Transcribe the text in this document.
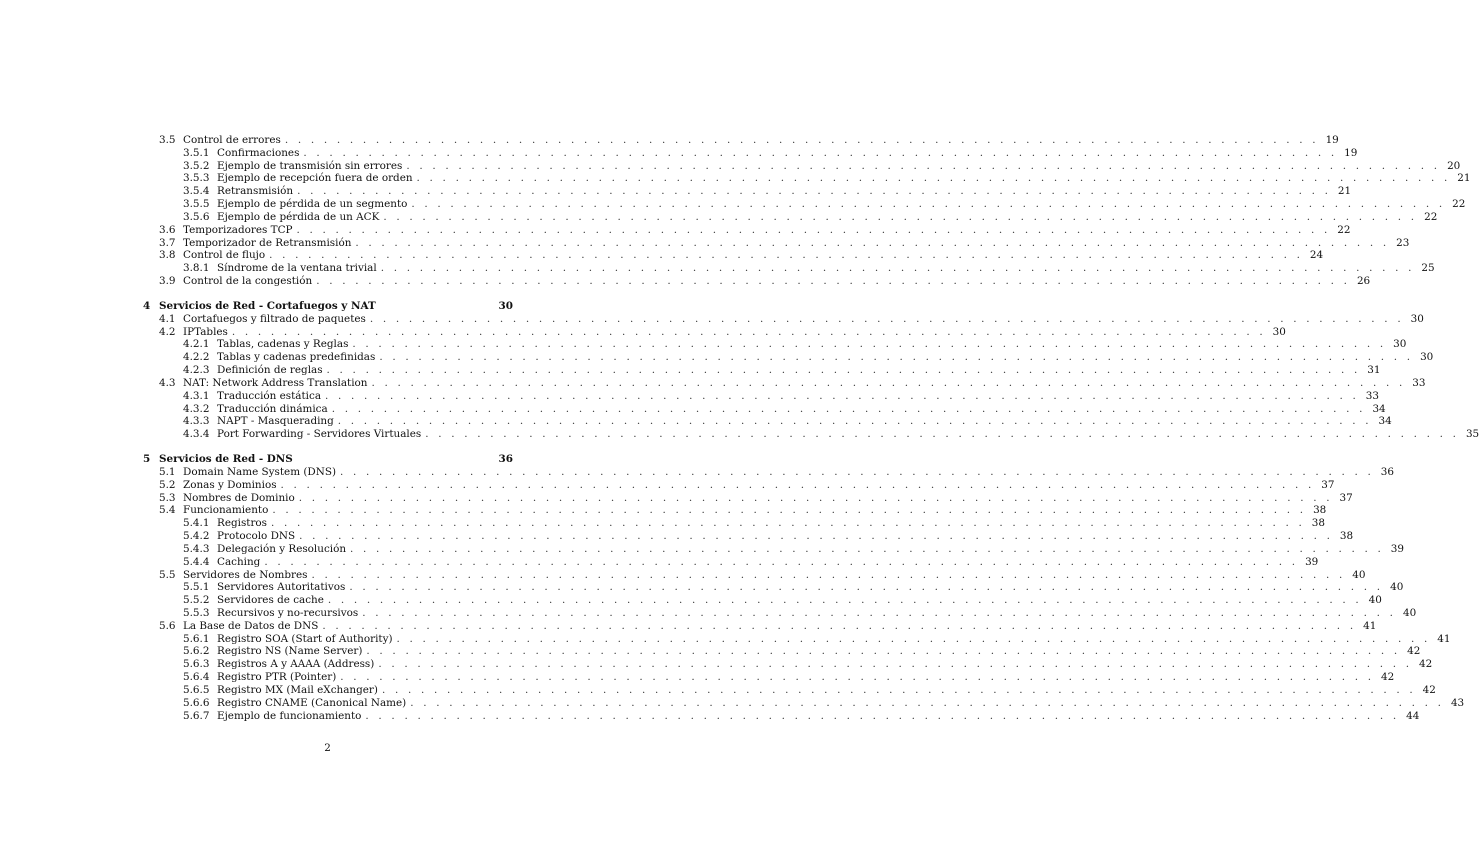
3.5 Control de errores . . . . . . . . . . . . . . . . . . . . . . . . . . . . . . . . . . . . . . . . . . . . . . . . . . . . . . . . . . . . . . . . . . . . . . . . . . . . . . . . 19
3.5.1 Confirmaciones . . . . . . . . . . . . . . . . . . . . . . . . . . . . . . . . . . . . . . . . . . . . . . . . . . . . . . . . . . . . . . . . . . . . . . . . . . . . . . . . 19
3.5.2 Ejemplo de transmisión sin errores . . . . . . . . . . . . . . . . . . . . . . . . . . . . . . . . . . . . . . . . . . . . . . . . . . . . . . . . . . . . . . . . . . . . . . . . . . . . . . . . 20
3.5.3 Ejemplo de recepción fuera de orden . . . . . . . . . . . . . . . . . . . . . . . . . . . . . . . . . . . . . . . . . . . . . . . . . . . . . . . . . . . . . . . . . . . . . . . . . . . . . . . . 21
3.5.4 Retransmisión . . . . . . . . . . . . . . . . . . . . . . . . . . . . . . . . . . . . . . . . . . . . . . . . . . . . . . . . . . . . . . . . . . . . . . . . . . . . . . . . 21
3.5.5 Ejemplo de pérdida de un segmento . . . . . . . . . . . . . . . . . . . . . . . . . . . . . . . . . . . . . . . . . . . . . . . . . . . . . . . . . . . . . . . . . . . . . . . . . . . . . . . . 22
3.5.6 Ejemplo de pérdida de un ACK . . . . . . . . . . . . . . . . . . . . . . . . . . . . . . . . . . . . . . . . . . . . . . . . . . . . . . . . . . . . . . . . . . . . . . . . . . . . . . . . 22
3.6 Temporizadores TCP . . . . . . . . . . . . . . . . . . . . . . . . . . . . . . . . . . . . . . . . . . . . . . . . . . . . . . . . . . . . . . . . . . . . . . . . . . . . . . . . 22
3.7 Temporizador de Retransmisión . . . . . . . . . . . . . . . . . . . . . . . . . . . . . . . . . . . . . . . . . . . . . . . . . . . . . . . . . . . . . . . . . . . . . . . . . . . . . . . . 23
3.8 Control de flujo . . . . . . . . . . . . . . . . . . . . . . . . . . . . . . . . . . . . . . . . . . . . . . . . . . . . . . . . . . . . . . . . . . . . . . . . . . . . . . . . 24
3.8.1 Síndrome de la ventana trivial . . . . . . . . . . . . . . . . . . . . . . . . . . . . . . . . . . . . . . . . . . . . . . . . . . . . . . . . . . . . . . . . . . . . . . . . . . . . . . . . 25
3.9 Control de la congestión . . . . . . . . . . . . . . . . . . . . . . . . . . . . . . . . . . . . . . . . . . . . . . . . . . . . . . . . . . . . . . . . . . . . . . . . . . . . . . . . 26
4 Servicios de Red - Cortafuegos y NAT	30
4.1 Cortafuegos y filtrado de paquetes . . . . . . . . . . . . . . . . . . . . . . . . . . . . . . . . . . . . . . . . . . . . . . . . . . . . . . . . . . . . . . . . . . . . . . . . . . . . . . . . 30
4.2 IPTables . . . . . . . . . . . . . . . . . . . . . . . . . . . . . . . . . . . . . . . . . . . . . . . . . . . . . . . . . . . . . . . . . . . . . . . . . . . . . . . . 30
4.2.1 Tablas, cadenas y Reglas . . . . . . . . . . . . . . . . . . . . . . . . . . . . . . . . . . . . . . . . . . . . . . . . . . . . . . . . . . . . . . . . . . . . . . . . . . . . . . . . 30
4.2.2 Tablas y cadenas predefinidas . . . . . . . . . . . . . . . . . . . . . . . . . . . . . . . . . . . . . . . . . . . . . . . . . . . . . . . . . . . . . . . . . . . . . . . . . . . . . . . . 30
4.2.3 Definición de reglas . . . . . . . . . . . . . . . . . . . . . . . . . . . . . . . . . . . . . . . . . . . . . . . . . . . . . . . . . . . . . . . . . . . . . . . . . . . . . . . . 31
4.3 NAT: Network Address Translation . . . . . . . . . . . . . . . . . . . . . . . . . . . . . . . . . . . . . . . . . . . . . . . . . . . . . . . . . . . . . . . . . . . . . . . . . . . . . . . . 33
4.3.1 Traducción estática . . . . . . . . . . . . . . . . . . . . . . . . . . . . . . . . . . . . . . . . . . . . . . . . . . . . . . . . . . . . . . . . . . . . . . . . . . . . . . . . 33
4.3.2 Traducción dinámica . . . . . . . . . . . . . . . . . . . . . . . . . . . . . . . . . . . . . . . . . . . . . . . . . . . . . . . . . . . . . . . . . . . . . . . . . . . . . . . . 34
4.3.3 NAPT - Masquerading . . . . . . . . . . . . . . . . . . . . . . . . . . . . . . . . . . . . . . . . . . . . . . . . . . . . . . . . . . . . . . . . . . . . . . . . . . . . . . . . 34
4.3.4 Port Forwarding - Servidores Virtuales . . . . . . . . . . . . . . . . . . . . . . . . . . . . . . . . . . . . . . . . . . . . . . . . . . . . . . . . . . . . . . . . . . . . . . . . . . . . . . . . 35
5 Servicios de Red - DNS	36
5.1 Domain Name System (DNS) . . . . . . . . . . . . . . . . . . . . . . . . . . . . . . . . . . . . . . . . . . . . . . . . . . . . . . . . . . . . . . . . . . . . . . . . . . . . . . . . 36
5.2 Zonas y Dominios . . . . . . . . . . . . . . . . . . . . . . . . . . . . . . . . . . . . . . . . . . . . . . . . . . . . . . . . . . . . . . . . . . . . . . . . . . . . . . . . 37
5.3 Nombres de Dominio . . . . . . . . . . . . . . . . . . . . . . . . . . . . . . . . . . . . . . . . . . . . . . . . . . . . . . . . . . . . . . . . . . . . . . . . . . . . . . . . 37
5.4 Funcionamiento . . . . . . . . . . . . . . . . . . . . . . . . . . . . . . . . . . . . . . . . . . . . . . . . . . . . . . . . . . . . . . . . . . . . . . . . . . . . . . . . 38
5.4.1 Registros . . . . . . . . . . . . . . . . . . . . . . . . . . . . . . . . . . . . . . . . . . . . . . . . . . . . . . . . . . . . . . . . . . . . . . . . . . . . . . . . 38
5.4.2 Protocolo DNS . . . . . . . . . . . . . . . . . . . . . . . . . . . . . . . . . . . . . . . . . . . . . . . . . . . . . . . . . . . . . . . . . . . . . . . . . . . . . . . . 38
5.4.3 Delegación y Resolución . . . . . . . . . . . . . . . . . . . . . . . . . . . . . . . . . . . . . . . . . . . . . . . . . . . . . . . . . . . . . . . . . . . . . . . . . . . . . . . . 39
5.4.4 Caching . . . . . . . . . . . . . . . . . . . . . . . . . . . . . . . . . . . . . . . . . . . . . . . . . . . . . . . . . . . . . . . . . . . . . . . . . . . . . . . . 39
5.5 Servidores de Nombres . . . . . . . . . . . . . . . . . . . . . . . . . . . . . . . . . . . . . . . . . . . . . . . . . . . . . . . . . . . . . . . . . . . . . . . . . . . . . . . . 40
5.5.1 Servidores Autoritativos . . . . . . . . . . . . . . . . . . . . . . . . . . . . . . . . . . . . . . . . . . . . . . . . . . . . . . . . . . . . . . . . . . . . . . . . . . . . . . . . 40
5.5.2 Servidores de cache . . . . . . . . . . . . . . . . . . . . . . . . . . . . . . . . . . . . . . . . . . . . . . . . . . . . . . . . . . . . . . . . . . . . . . . . . . . . . . . . 40
5.5.3 Recursivos y no-recursivos . . . . . . . . . . . . . . . . . . . . . . . . . . . . . . . . . . . . . . . . . . . . . . . . . . . . . . . . . . . . . . . . . . . . . . . . . . . . . . . . 40
5.6 La Base de Datos de DNS . . . . . . . . . . . . . . . . . . . . . . . . . . . . . . . . . . . . . . . . . . . . . . . . . . . . . . . . . . . . . . . . . . . . . . . . . . . . . . . . 41
5.6.1 Registro SOA (Start of Authority) . . . . . . . . . . . . . . . . . . . . . . . . . . . . . . . . . . . . . . . . . . . . . . . . . . . . . . . . . . . . . . . . . . . . . . . . . . . . . . . . 41
5.6.2 Registro NS (Name Server) . . . . . . . . . . . . . . . . . . . . . . . . . . . . . . . . . . . . . . . . . . . . . . . . . . . . . . . . . . . . . . . . . . . . . . . . . . . . . . . . 42
5.6.3 Registros A y AAAA (Address) . . . . . . . . . . . . . . . . . . . . . . . . . . . . . . . . . . . . . . . . . . . . . . . . . . . . . . . . . . . . . . . . . . . . . . . . . . . . . . . . 42
5.6.4 Registro PTR (Pointer) . . . . . . . . . . . . . . . . . . . . . . . . . . . . . . . . . . . . . . . . . . . . . . . . . . . . . . . . . . . . . . . . . . . . . . . . . . . . . . . . 42
5.6.5 Registro MX (Mail eXchanger) . . . . . . . . . . . . . . . . . . . . . . . . . . . . . . . . . . . . . . . . . . . . . . . . . . . . . . . . . . . . . . . . . . . . . . . . . . . . . . . . 42
5.6.6 Registro CNAME (Canonical Name) . . . . . . . . . . . . . . . . . . . . . . . . . . . . . . . . . . . . . . . . . . . . . . . . . . . . . . . . . . . . . . . . . . . . . . . . . . . . . . . . 43
5.6.7 Ejemplo de funcionamiento . . . . . . . . . . . . . . . . . . . . . . . . . . . . . . . . . . . . . . . . . . . . . . . . . . . . . . . . . . . . . . . . . . . . . . . . . . . . . . . . 44
2
